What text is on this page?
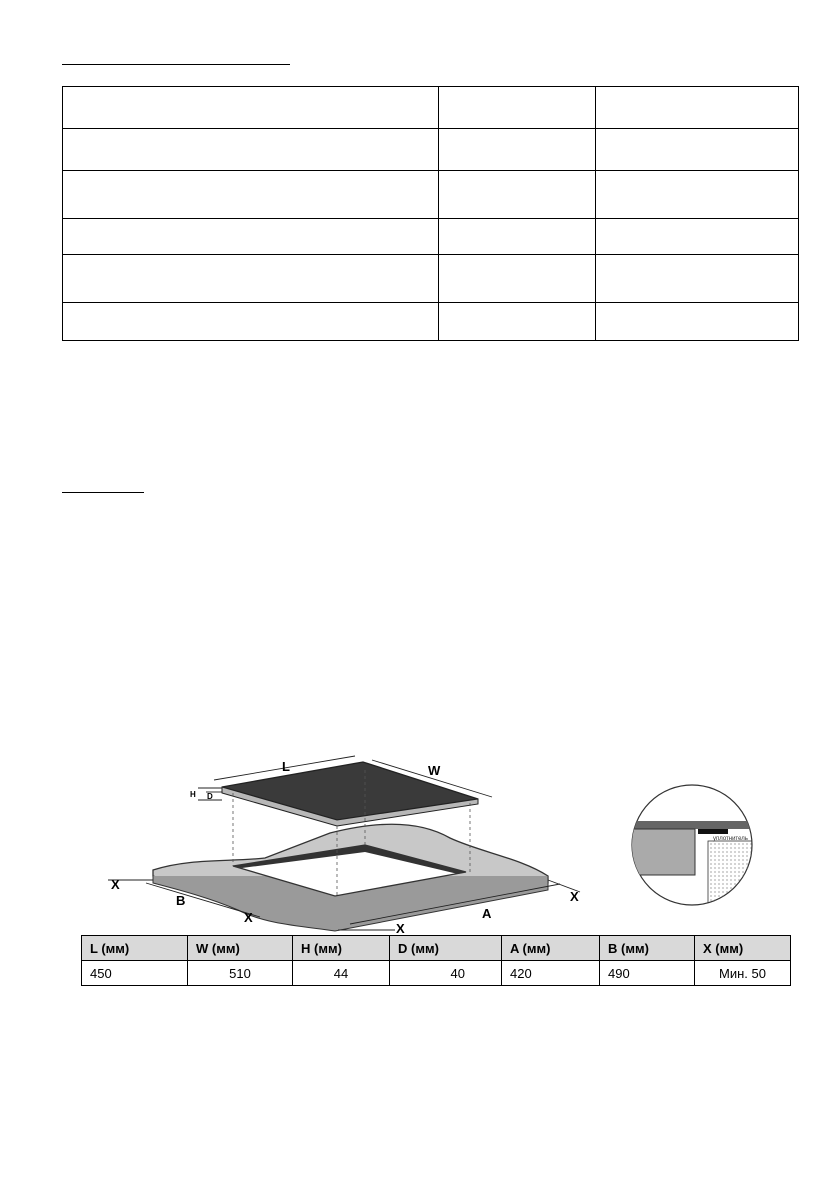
L	W
H D
X
B
X	A
X
X
уплотнитель
L (мм)	W (мм)	H (мм)	D (мм)	A (мм)	B (мм)	X (мм)
450	510	44	40	420	490	Мин. 50
